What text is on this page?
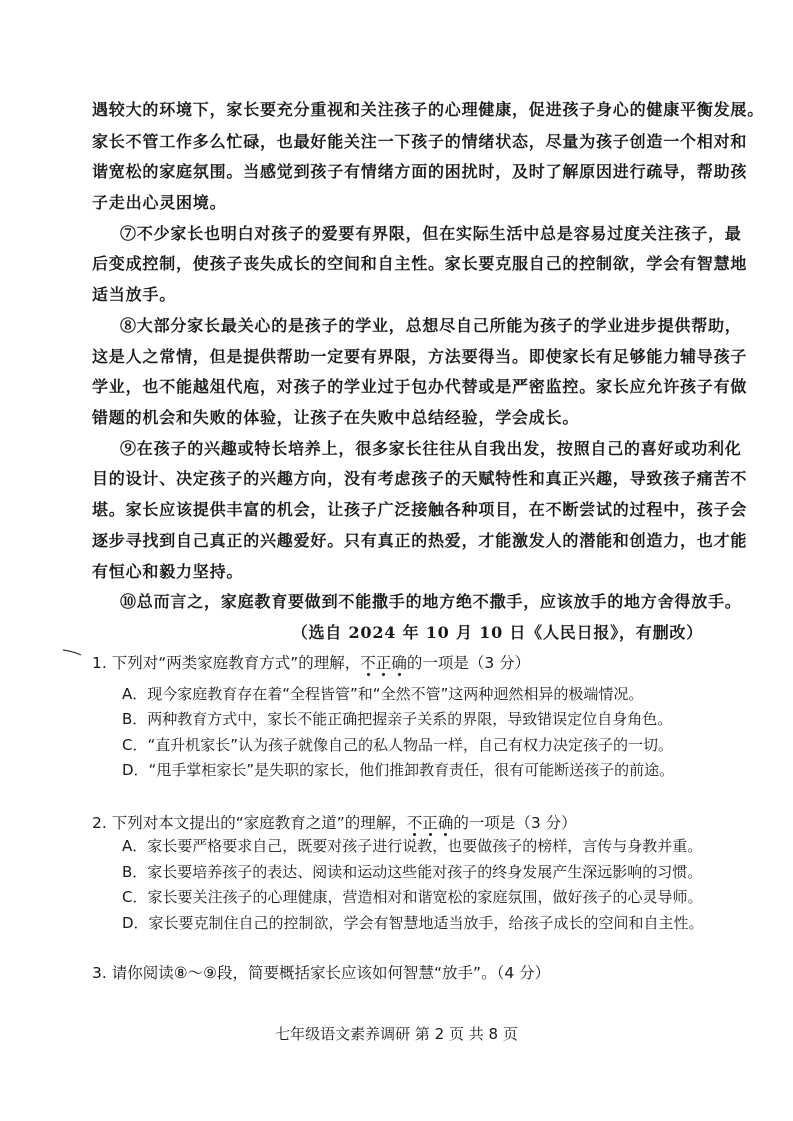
遇较大的环境下，家长要充分重视和关注孩子的心理健康，促进孩子身心的健康平衡发展。
家长不管工作多么忙碌，也最好能关注一下孩子的情绪状态，尽量为孩子创造一个相对和
谐宽松的家庭氛围。当感觉到孩子有情绪方面的困扰时，及时了解原因进行疏导，帮助孩
子走出心灵困境。
⑦不少家长也明白对孩子的爱要有界限，但在实际生活中总是容易过度关注孩子，最
后变成控制，使孩子丧失成长的空间和自主性。家长要克服自己的控制欲，学会有智慧地
适当放手。
⑧大部分家长最关心的是孩子的学业，总想尽自己所能为孩子的学业进步提供帮助，
这是人之常情，但是提供帮助一定要有界限，方法要得当。即使家长有足够能力辅导孩子
学业，也不能越俎代庖，对孩子的学业过于包办代替或是严密监控。家长应允许孩子有做
错题的机会和失败的体验，让孩子在失败中总结经验，学会成长。
⑨在孩子的兴趣或特长培养上，很多家长往往从自我出发，按照自己的喜好或功利化
目的设计、决定孩子的兴趣方向，没有考虑孩子的天赋特性和真正兴趣，导致孩子痛苦不
堪。家长应该提供丰富的机会，让孩子广泛接触各种项目，在不断尝试的过程中，孩子会
逐步寻找到自己真正的兴趣爱好。只有真正的热爱，才能激发人的潜能和创造力，也才能
有恒心和毅力坚持。
⑩总而言之，家庭教育要做到不能撒手的地方绝不撒手，应该放手的地方舍得放手。
（选自 2024 年 10 月 10 日《人民日报》，有删改）
1. 下列对“两类家庭教育方式”的理解，不正确的一项是（3 分）
A．现今家庭教育存在着“全程皆管”和“全然不管”这两种迥然相异的极端情况。
B．两种教育方式中，家长不能正确把握亲子关系的界限，导致错误定位自身角色。
C．“直升机家长”认为孩子就像自己的私人物品一样，自己有权力决定孩子的一切。
D．“甩手掌柜家长”是失职的家长，他们推卸教育责任，很有可能断送孩子的前途。
2. 下列对本文提出的“家庭教育之道”的理解，不正确的一项是（3 分）
A．家长要严格要求自己，既要对孩子进行说教，也要做孩子的榜样，言传与身教并重。
B．家长要培养孩子的表达、阅读和运动这些能对孩子的终身发展产生深远影响的习惯。
C．家长要关注孩子的心理健康，营造相对和谐宽松的家庭氛围，做好孩子的心灵导师。
D．家长要克制住自己的控制欲，学会有智慧地适当放手，给孩子成长的空间和自主性。
3. 请你阅读⑧～⑨段，简要概括家长应该如何智慧“放手”。（4 分）
七年级语文素养调研 第 2 页 共 8 页
